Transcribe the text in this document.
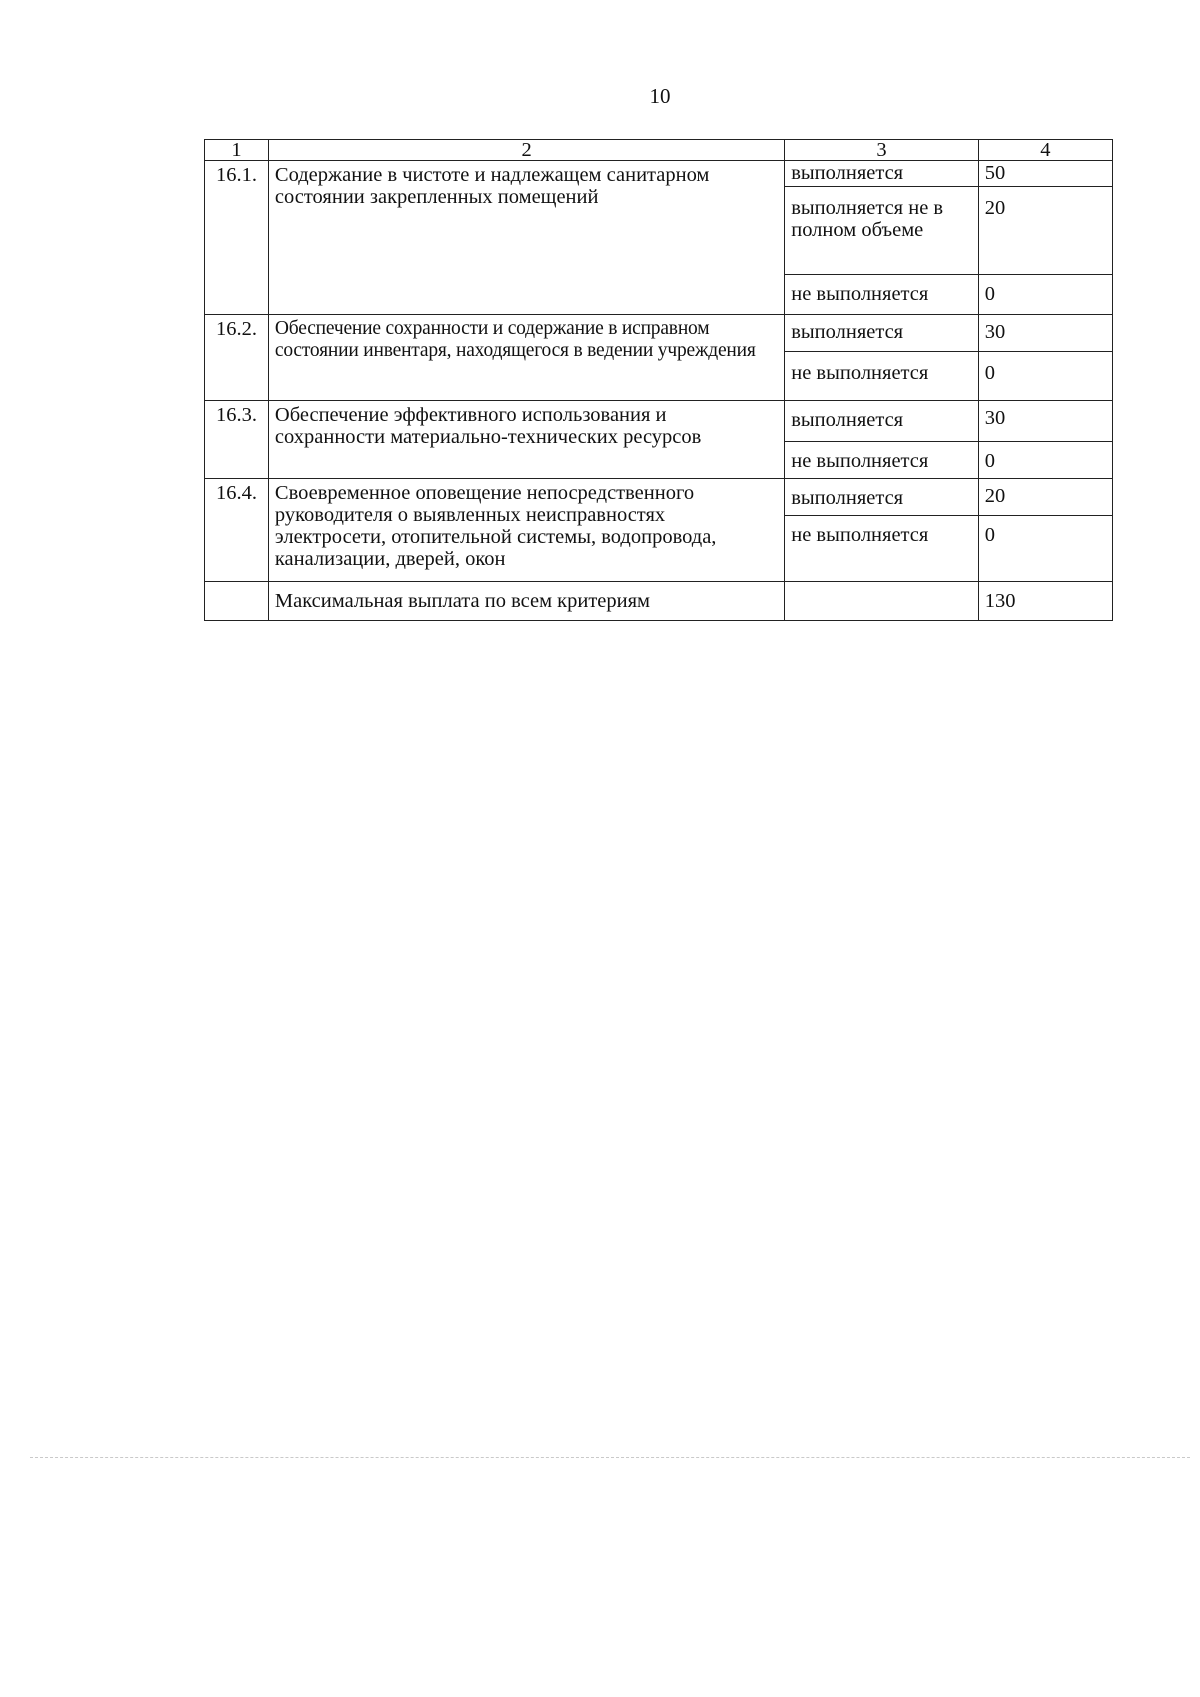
10
1	2	3	4
16.1.	Содержание в чистоте и надлежащем санитарном состоянии закрепленных помещений	выполняется	50
		выполняется не в полном объеме	20
		не выполняется	0
16.2.	Обеспечение сохранности и содержание в исправном состоянии инвентаря, находящегося в ведении учреждения	выполняется	30
		не выполняется	0
16.3.	Обеспечение эффективного использования и сохранности материально-технических ресурсов	выполняется	30
		не выполняется	0
16.4.	Своевременное оповещение непосредственного руководителя о выявленных неисправностях электросети, отопительной системы, водопровода, канализации, дверей, окон	выполняется	20
		не выполняется	0
	Максимальная выплата по всем критериям		130
